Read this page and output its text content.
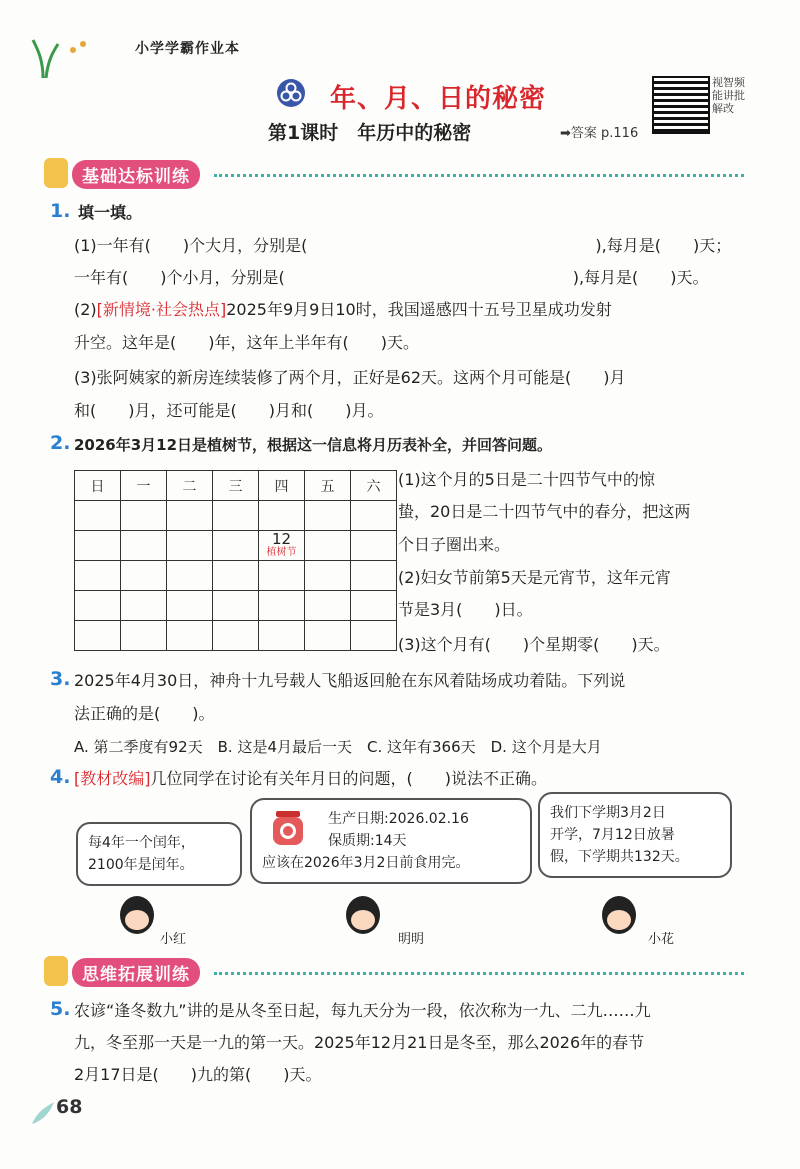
小学学霸作业本
年、月、日的秘密
第1课时　年历中的秘密	➡答案 p.116
视智频能讲批解改
基础达标训练
1. 填一填。
(1)一年有(　　)个大月，分别是(　　　　　　　　　　　　　　　　　　),每月是(　　)天；
一年有(　　)个小月，分别是(　　　　　　　　　　　　　　　　　　),每月是(　　)天。
(2)[新情境·社会热点]2025年9月9日10时，我国遥感四十五号卫星成功发射
升空。这年是(　　)年，这年上半年有(　　)天。
(3)张阿姨家的新房连续装修了两个月，正好是62天。这两个月可能是(　　)月
和(　　)月，还可能是(　　)月和(　　)月。
2. 2026年3月12日是植树节，根据这一信息将月历表补全，并回答问题。
日	一	二	三	四	五	六

				12
植树节		

(1)这个月的5日是二十四节气中的惊
蛰，20日是二十四节气中的春分，把这两
个日子圈出来。
(2)妇女节前第5天是元宵节，这年元宵
节是3月(　　)日。
(3)这个月有(　　)个星期零(　　)天。
3. 2025年4月30日，神舟十九号载人飞船返回舱在东风着陆场成功着陆。下列说
法正确的是(　　)。
A. 第二季度有92天　B. 这是4月最后一天　C. 这年有366天　D. 这个月是大月
4. [教材改编]几位同学在讨论有关年月日的问题，(　　)说法不正确。
每4年一个闰年，
2100年是闰年。
生产日期:2026.02.16
保质期:14天
应该在2026年3月2日前食用完。
我们下学期3月2日
开学，7月12日放暑
假，下学期共132天。
小红	明明	小花
思维拓展训练
5. 农谚“逢冬数九”讲的是从冬至日起，每九天分为一段，依次称为一九、二九……九
九，冬至那一天是一九的第一天。2025年12月21日是冬至，那么2026年的春节
2月17日是(　　)九的第(　　)天。
68
